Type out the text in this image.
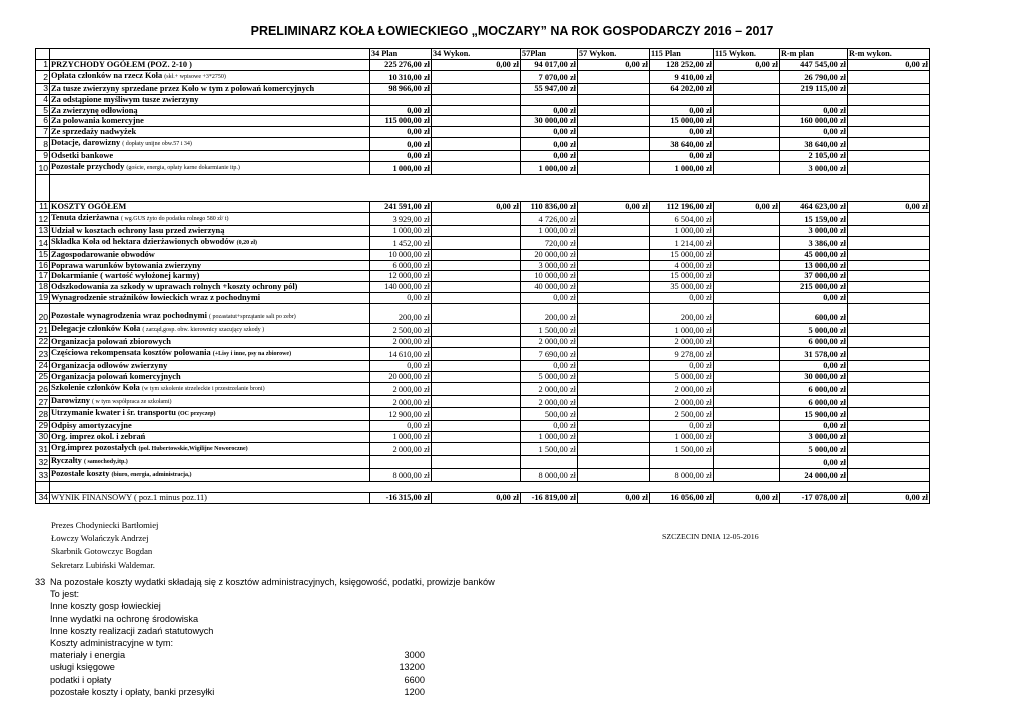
PRELIMINARZ KOŁA ŁOWIECKIEGO „MOCZARY” NA ROK GOSPODARCZY 2016 – 2017
		34 Plan	34 Wykon.	57Plan	57 Wykon.	115 Plan	115 Wykon.	R-m plan	R-m wykon.
1	PRZYCHODY OGÓŁEM (POZ. 2-10 )	225 276,00 zł	0,00 zł	94 017,00 zł	0,00 zł	128 252,00 zł	0,00 zł	447 545,00 zł	0,00 zł
2	Opłata członków na rzecz Koła (skł.+ wpisowe +3*2750)	10 310,00 zł		7 070,00 zł		9 410,00 zł		26 790,00 zł	
3	Za tusze zwierzyny sprzedane przez Koło w tym z polowań komercyjnych	98 966,00 zł		55 947,00 zł		64 202,00 zł		219 115,00 zł	
4	Za odstąpione myśliwym tusze zwierzyny								
5	Za zwierzynę odłowioną	0,00 zł		0,00 zł		0,00 zł		0,00 zł	
6	Za polowania komercyjne	115 000,00 zł		30 000,00 zł		15 000,00 zł		160 000,00 zł	
7	Ze sprzedaży nadwyżek	0,00 zł		0,00 zł		0,00 zł		0,00 zł	
8	Dotacje, darowizny ( dopłaty unijne obw.57 i 34)	0,00 zł		0,00 zł		38 640,00 zł		38 640,00 zł	
9	Odsetki bankowe	0,00 zł		0,00 zł		0,00 zł		2 105,00 zł	
10	Pozostałe przychody (goście, energia, opłaty karne dokarmianie itp.)	1 000,00 zł		1 000,00 zł		1 000,00 zł		3 000,00 zł	

11	KOSZTY OGÓŁEM	241 591,00 zł	0,00 zł	110 836,00 zł	0,00 zł	112 196,00 zł	0,00 zł	464 623,00 zł	0,00 zł
12	Tenuta dzierżawna ( wg.GUS żyto do podatku rolnego 580 zł/ t)	3 929,00 zł		4 726,00 zł		6 504,00 zł		15 159,00 zł	
13	Udział w kosztach ochrony lasu przed zwierzyną	1 000,00 zł		1 000,00 zł		1 000,00 zł		3 000,00 zł	
14	Składka Koła od hektara dzierżawionych obwodów (0,20 zł)	1 452,00 zł		720,00 zł		1 214,00 zł		3 386,00 zł	
15	Zagospodarowanie obwodów	10 000,00 zł		20 000,00 zł		15 000,00 zł		45 000,00 zł	
16	Poprawa warunków bytowania zwierzyny	6 000,00 zł		3 000,00 zł		4 000,00 zł		13 000,00 zł	
17	Dokarmianie ( wartość wyłożonej karmy)	12 000,00 zł		10 000,00 zł		15 000,00 zł		37 000,00 zł	
18	Odszkodowania za szkody w uprawach rolnych +koszty ochrony pól)	140 000,00 zł		40 000,00 zł		35 000,00 zł		215 000,00 zł	
19	Wynagrodzenie strażników łowieckich wraz z pochodnymi	0,00 zł		0,00 zł		0,00 zł		0,00 zł	
20	Pozostałe wynagrodzenia wraz pochodnymi ( pozastatut+sprzątanie sali po zebr)	200,00 zł		200,00 zł		200,00 zł		600,00 zł	
21	Delegacje członków Koła ( zarząd,gosp. obw. kierownicy szacujący szkody )	2 500,00 zł		1 500,00 zł		1 000,00 zł		5 000,00 zł	
22	Organizacja polowań zbiorowych	2 000,00 zł		2 000,00 zł		2 000,00 zł		6 000,00 zł	
23	Częściowa rekompensata kosztów polowania (+Lisy i inne, psy na zbiorowe)	14 610,00 zł		7 690,00 zł		9 278,00 zł		31 578,00 zł	
24	Organizacja odłowów zwierzyny	0,00 zł		0,00 zł		0,00 zł		0,00 zł	
25	Organizacja polowań komercyjnych	20 000,00 zł		5 000,00 zł		5 000,00 zł		30 000,00 zł	
26	Szkolenie członków Koła (w tym szkolenie strzeleckie i przestrzelanie broni)	2 000,00 zł		2 000,00 zł		2 000,00 zł		6 000,00 zł	
27	Darowizny ( w tym współpraca ze szkołami)	2 000,00 zł		2 000,00 zł		2 000,00 zł		6 000,00 zł	
28	Utrzymanie kwater i śr. transportu (OC przyczep)	12 900,00 zł		500,00 zł		2 500,00 zł		15 900,00 zł	
29	Odpisy amortyzacyjne	0,00 zł		0,00 zł		0,00 zł		0,00 zł	
30	Org. imprez okol. i zebrań	1 000,00 zł		1 000,00 zł		1 000,00 zł		3 000,00 zł	
31	Org.imprez pozostałych (pol. Hubertowskie,Wigilijne Noworoczne)	2 000,00 zł		1 500,00 zł		1 500,00 zł		5 000,00 zł	
32	Ryczałty ( samochody,itp.)							0,00 zł	
33	Pozostałe koszty (biuro, energia, administracja,)	8 000,00 zł		8 000,00 zł		8 000,00 zł		24 000,00 zł	

34	WYNIK FINANSOWY ( poz.1 minus poz.11)	-16 315,00 zł	0,00 zł	-16 819,00 zł	0,00 zł	16 056,00 zł	0,00 zł	-17 078,00 zł	0,00 zł
Prezes Chodyniecki Bartłomiej
Łowczy Wolańczyk Andrzej
Skarbnik Gotowczyc Bogdan
Sekretarz Lubiński Waldemar.
SZCZECIN DNIA 12-05-2016
33 Na pozostałe koszty wydatki składają się z kosztów administracyjnych, księgowość, podatki, prowizje banków
To jest:
Inne koszty gosp łowieckiej
Inne wydatki na ochronę środowiska
Inne koszty realizacji zadań statutowych
Koszty administracyjne w tym:
materiały i energia	3000
usługi księgowe	13200
podatki i opłaty	6600
pozostałe koszty i opłaty, banki przesyłki	1200
